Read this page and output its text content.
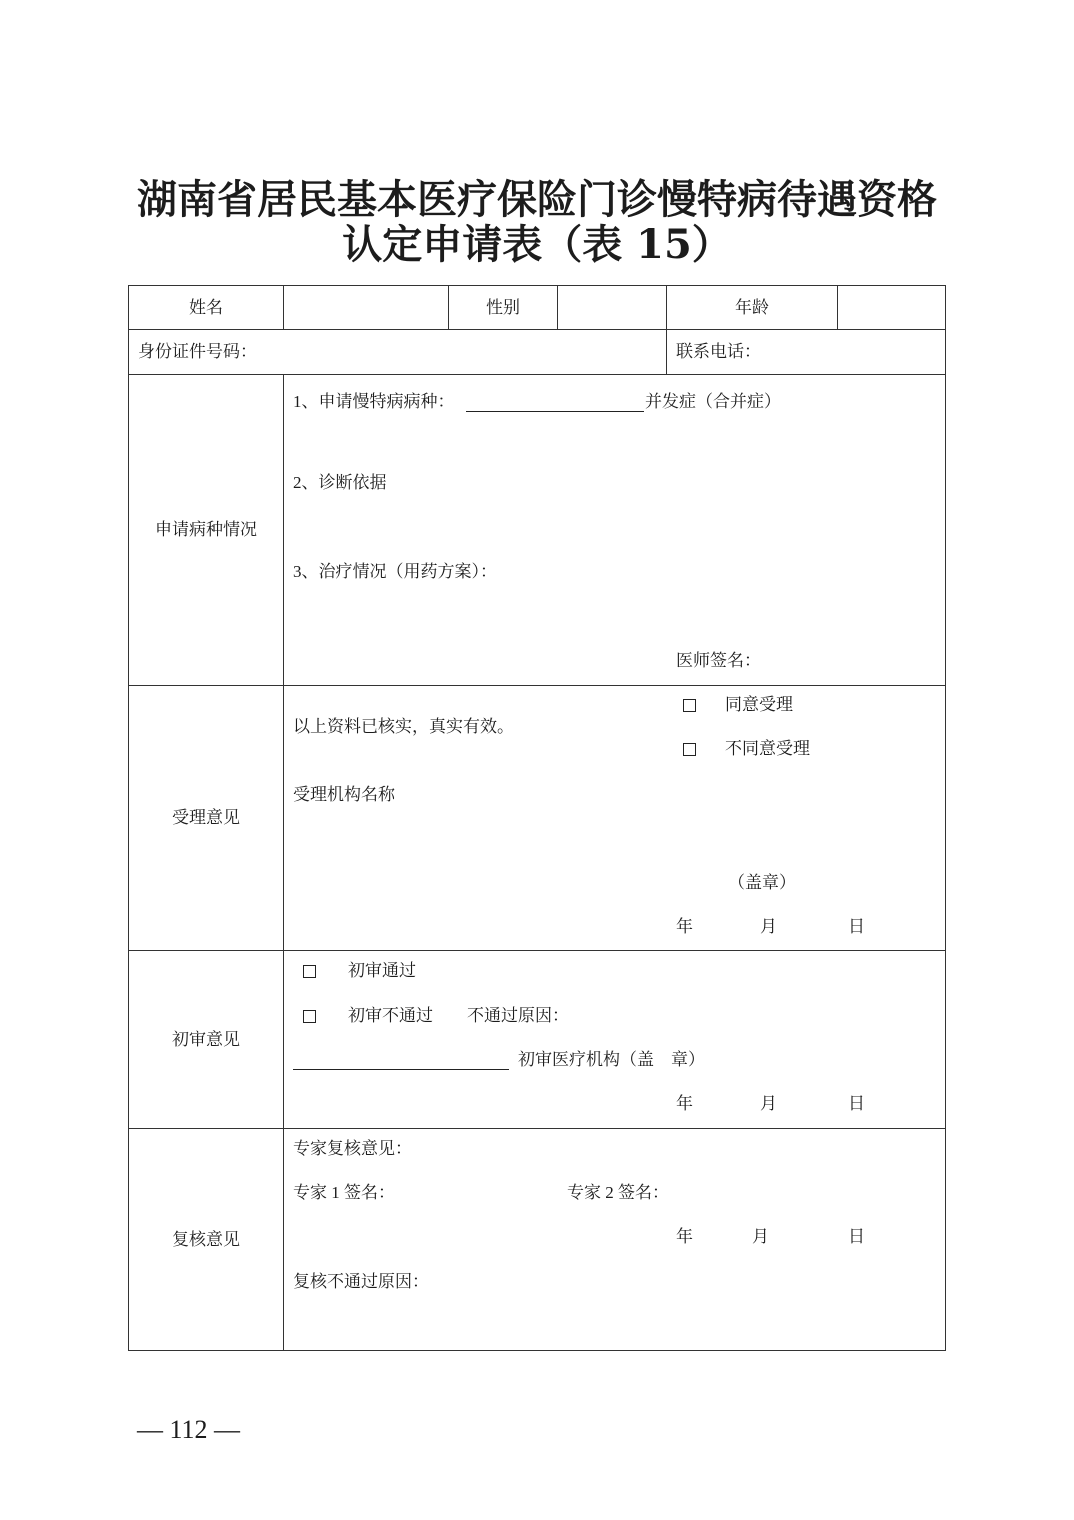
湖南省居民基本医疗保险门诊慢特病待遇资格
认定申请表（表 15）
姓名	性别	年龄
身份证件号码：	联系电话：
申请病种情况
1、申请慢特病病种：	并发症（合并症）
2、诊断依据
3、治疗情况（用药方案）：
医师签名：
受理意见
以上资料已核实，真实有效。
同意受理
不同意受理
受理机构名称
（盖章）
年	月	日
初审意见
初审通过
初审不通过 不通过原因：
初审医疗机构（盖　章）
年	月	日
复核意见
专家复核意见：
专家 1 签名：	专家 2 签名：
年	月	日
复核不通过原因：
— 112 —
